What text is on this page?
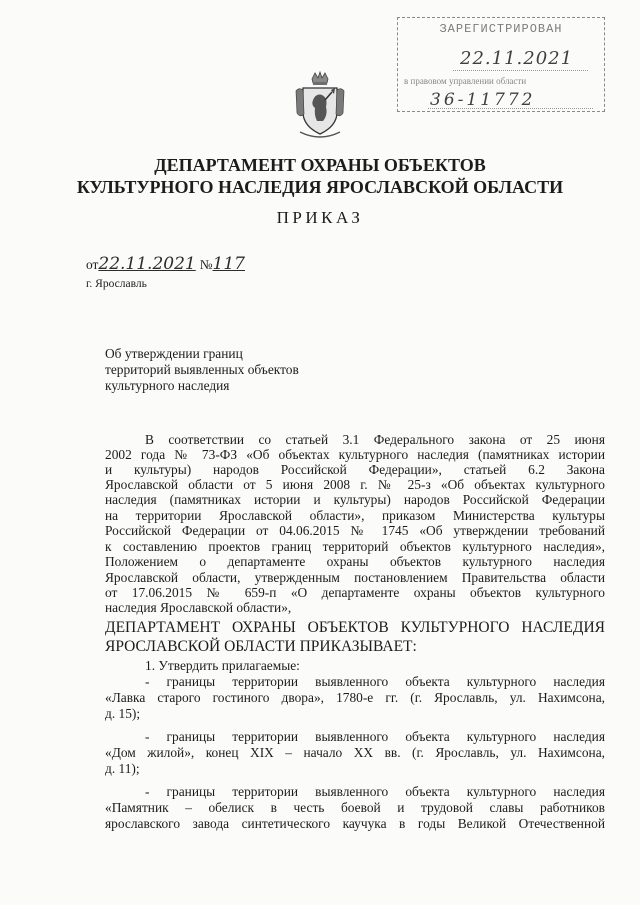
ЗАРЕГИСТРИРОВАН
22.11.2021
в правовом управлении области
36-11772
ДЕПАРТАМЕНТ ОХРАНЫ ОБЪЕКТОВ
КУЛЬТУРНОГО НАСЛЕДИЯ ЯРОСЛАВСКОЙ ОБЛАСТИ
ПРИКАЗ
от22.11.2021 №117
г. Ярославль
Об утверждении границ
территорий выявленных объектов
культурного наследия
В соответствии со статьей 3.1 Федерального закона от 25 июня
2002 года № 73-ФЗ «Об объектах культурного наследия (памятниках истории
и культуры) народов Российской Федерации», статьей 6.2 Закона
Ярославской области от 5 июня 2008 г. № 25-з «Об объектах культурного
наследия (памятниках истории и культуры) народов Российской Федерации
на территории Ярославской области», приказом Министерства культуры
Российской Федерации от 04.06.2015 № 1745 «Об утверждении требований
к составлению проектов границ территорий объектов культурного наследия»,
Положением о департаменте охраны объектов культурного наследия
Ярославской области, утвержденным постановлением Правительства области
от 17.06.2015 № 659-п «О департаменте охраны объектов культурного
наследия Ярославской области»,
ДЕПАРТАМЕНТ ОХРАНЫ ОБЪЕКТОВ КУЛЬТУРНОГО НАСЛЕДИЯ
ЯРОСЛАВСКОЙ ОБЛАСТИ ПРИКАЗЫВАЕТ:
1. Утвердить прилагаемые:
- границы территории выявленного объекта культурного наследия
«Лавка старого гостиного двора», 1780-е гг. (г. Ярославль, ул. Нахимсона,
д. 15);
- границы территории выявленного объекта культурного наследия
«Дом жилой», конец XIX – начало XX вв. (г. Ярославль, ул. Нахимсона,
д. 11);
- границы территории выявленного объекта культурного наследия
«Памятник – обелиск в честь боевой и трудовой славы работников
ярославского завода синтетического каучука в годы Великой Отечественной
